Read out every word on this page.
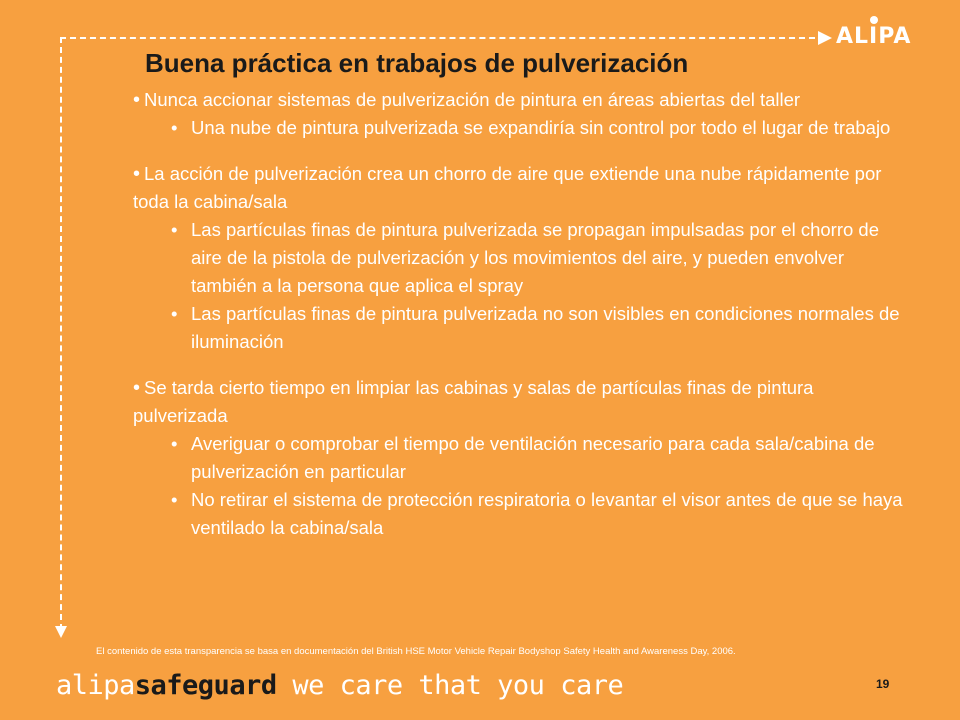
ALIPA
Buena práctica en trabajos de pulverización

• Nunca accionar sistemas de pulverización de pintura en áreas abiertas del taller

• Una nube de pintura pulverizada se expandiría sin control por todo el lugar de trabajo

• La acción de pulverización crea un chorro de aire que extiende una nube rápidamente por toda la cabina/sala

• Las partículas finas de pintura pulverizada se propagan impulsadas por el chorro de aire de la pistola de pulverización y los movimientos del aire, y pueden envolver también a la persona que aplica el spray

• Las partículas finas de pintura pulverizada no son visibles en condiciones normales de iluminación

• Se tarda cierto tiempo en limpiar las cabinas y salas de partículas finas de pintura pulverizada

• Averiguar o comprobar el tiempo de ventilación necesario para cada sala/cabina de pulverización en particular

• No retirar el sistema de protección respiratoria o levantar el visor antes de que se haya ventilado la cabina/sala

El contenido de esta transparencia se basa en documentación del British HSE Motor Vehicle Repair Bodyshop Safety Health and Awareness Day, 2006.
alipasafeguard we care that you care	19
